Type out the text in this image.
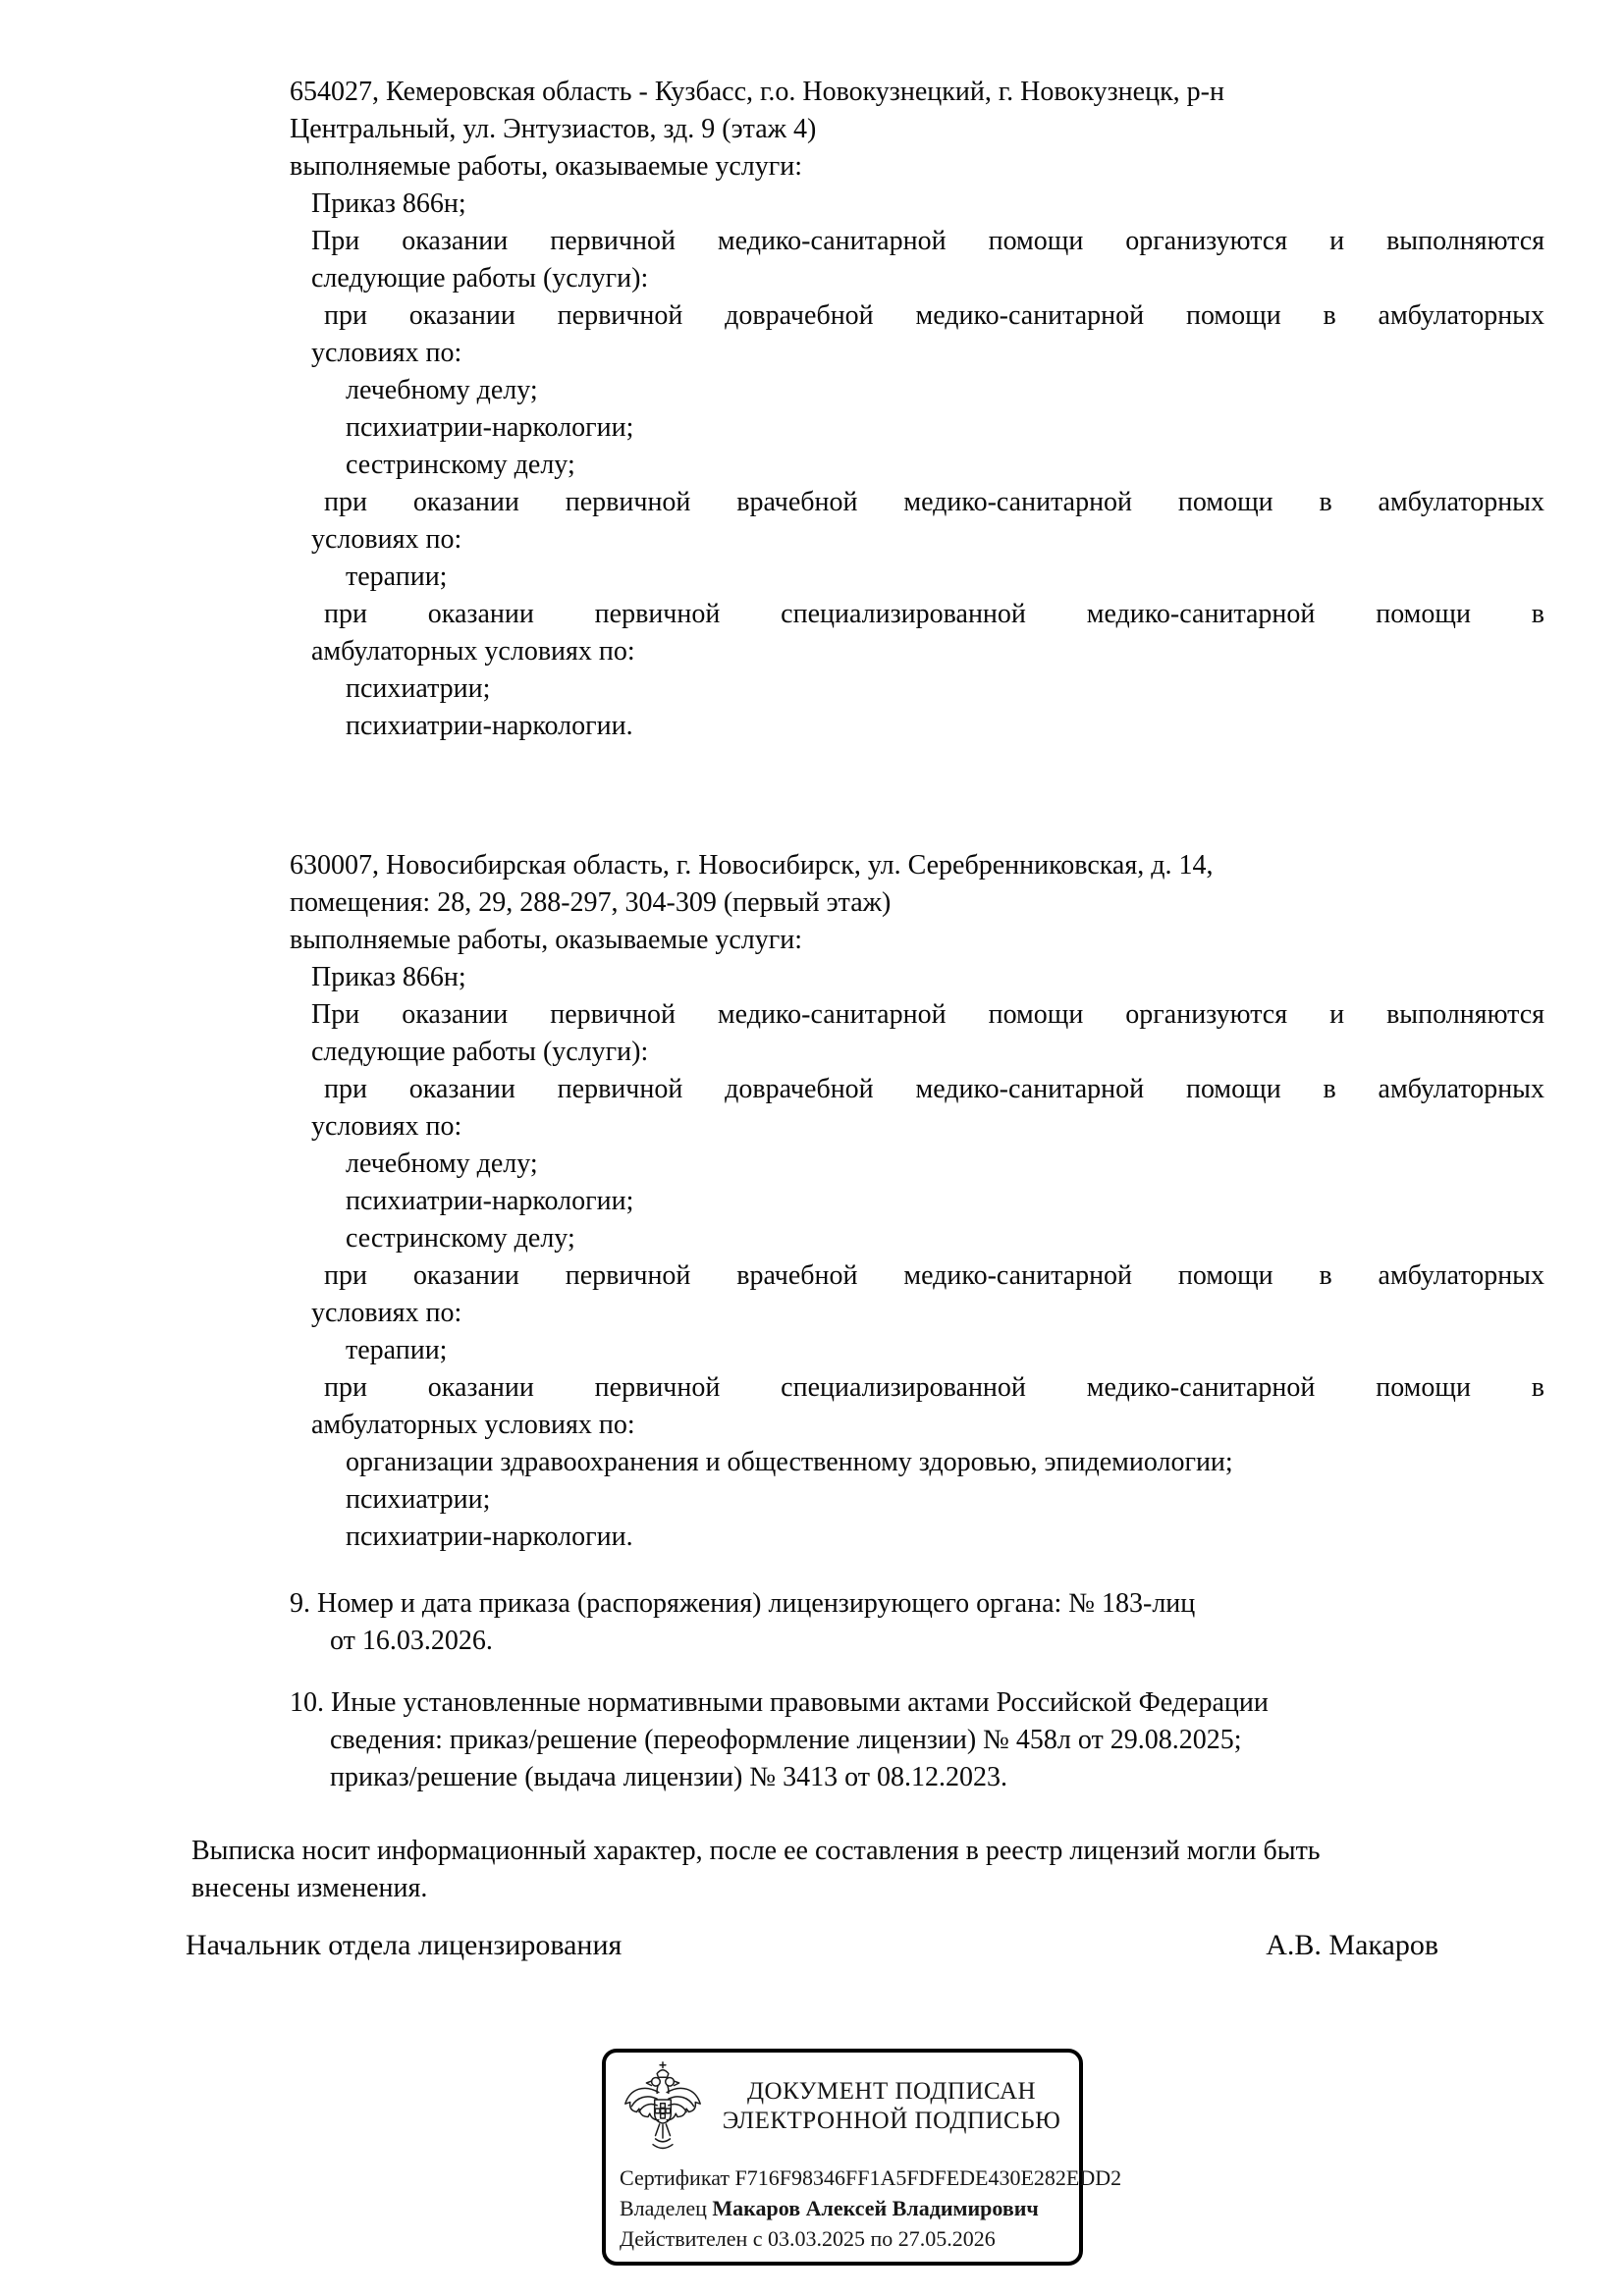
654027, Кемеровская область - Кузбасс, г.о. Новокузнецкий, г. Новокузнецк, р-н
Центральный, ул. Энтузиастов, зд. 9 (этаж 4)
выполняемые работы, оказываемые услуги:
Приказ 866н;
При оказании первичной медико-санитарной помощи организуются и выполняются
следующие работы (услуги):
при оказании первичной доврачебной медико-санитарной помощи в амбулаторных
условиях по:
лечебному делу;
психиатрии-наркологии;
сестринскому делу;
при оказании первичной врачебной медико-санитарной помощи в амбулаторных
условиях по:
терапии;
при оказании первичной специализированной медико-санитарной помощи в
амбулаторных условиях по:
психиатрии;
психиатрии-наркологии.
630007, Новосибирская область, г. Новосибирск, ул. Серебренниковская, д. 14,
помещения: 28, 29, 288-297, 304-309 (первый этаж)
выполняемые работы, оказываемые услуги:
Приказ 866н;
При оказании первичной медико-санитарной помощи организуются и выполняются
следующие работы (услуги):
при оказании первичной доврачебной медико-санитарной помощи в амбулаторных
условиях по:
лечебному делу;
психиатрии-наркологии;
сестринскому делу;
при оказании первичной врачебной медико-санитарной помощи в амбулаторных
условиях по:
терапии;
при оказании первичной специализированной медико-санитарной помощи в
амбулаторных условиях по:
организации здравоохранения и общественному здоровью, эпидемиологии;
психиатрии;
психиатрии-наркологии.
9. Номер и дата приказа (распоряжения) лицензирующего органа: № 183-лиц
от 16.03.2026.
10. Иные установленные нормативными правовыми актами Российской Федерации
сведения: приказ/решение (переоформление лицензии) № 458л от 29.08.2025;
приказ/решение (выдача лицензии) № 3413 от 08.12.2023.
Выписка носит информационный характер, после ее составления в реестр лицензий могли быть
внесены изменения.
Начальник отдела лицензирования	А.В. Макаров
ДОКУМЕНТ ПОДПИСАН
ЭЛЕКТРОННОЙ ПОДПИСЬЮ
Сертификат F716F98346FF1A5FDFEDE430E282EDD2
Владелец Макаров Алексей Владимирович
Действителен с 03.03.2025 по 27.05.2026
